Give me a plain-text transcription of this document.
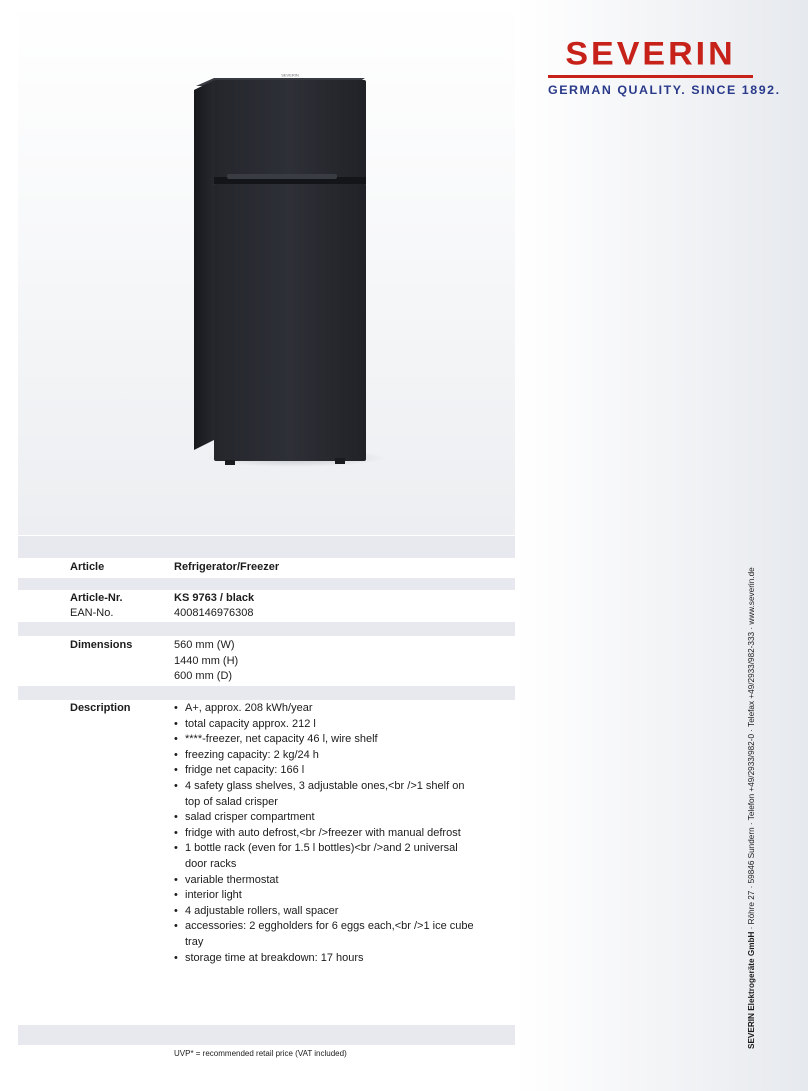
SEVERIN
GERMAN QUALITY. SINCE 1892.
SEVERIN
Article	Refrigerator/Freezer
Article-Nr.	KS 9763 / black
EAN-No.	4008146976308
Dimensions	560 mm (W)
1440 mm (H)
600 mm (D)
Description
•	A+, approx. 208 kWh/year
• total capacity approx. 212 l
• ****-freezer, net capacity 46 l, wire shelf
• freezing capacity: 2 kg/24 h
• fridge net capacity: 166 l
• 4 safety glass shelves, 3 adjustable ones,<br />1 shelf on top of salad crisper
• salad crisper compartment
• fridge with auto defrost,<br />freezer with manual defrost
• 1 bottle rack (even for 1.5 l bottles)<br />and 2 universal door racks
• variable thermostat
• interior light
• 4 adjustable rollers, wall spacer
• accessories: 2 eggholders for 6 eggs each,<br />1 ice cube tray
• storage time at breakdown: 17 hours
UVP* = recommended retail price (VAT included)
SEVERIN Elektrogeräte GmbH · Röhre 27 · 59846 Sundern · Telefon +49/2933/982-0 · Telefax +49/2933/982-333 · www.severin.de
